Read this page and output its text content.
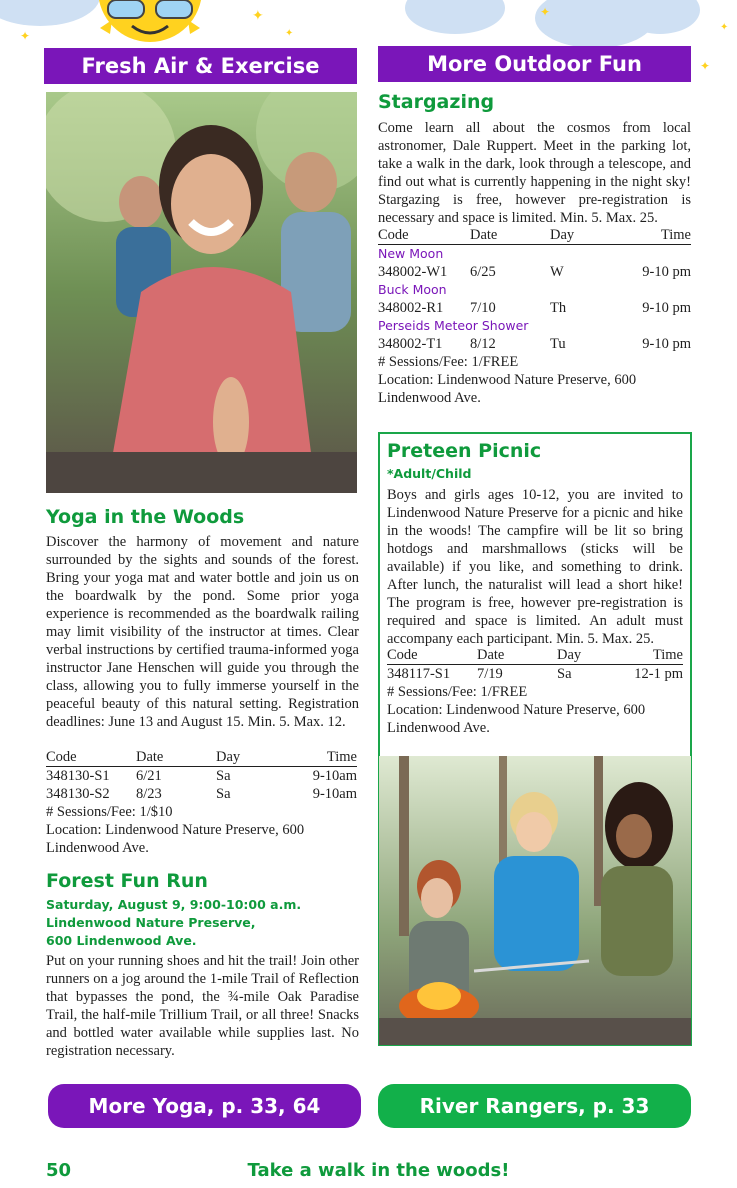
✦
✦	✦
✦
✦
✦
Fresh Air & Exercise
Yoga in the Woods

Discover the harmony of movement and nature surrounded by the sights and sounds of the forest. Bring your yoga mat and water bottle and join us on the boardwalk by the pond. Some prior yoga experience is recommended as the boardwalk railing may limit visibility of the instructor at times. Clear verbal instructions by certified trauma-informed yoga instructor Jane Henschen will guide you through the class, allowing you to fully immerse yourself in the peaceful beauty of this natural setting. Registration deadlines: June 13 and August 15. Min. 5. Max. 12.

Code	Date	Day	Time
348130-S1	6/21	Sa	9-10am
348130-S2	8/23	Sa	9-10am
# Sessions/Fee: 1/$10
Location: Lindenwood Nature Preserve, 600 Lindenwood Ave.
Forest Fun Run
Saturday, August 9, 9:00-10:00 a.m.
Lindenwood Nature Preserve,
600 Lindenwood Ave.

Put on your running shoes and hit the trail! Join other runners on a jog around the 1-mile Trail of Reflection that bypasses the pond, the ¾-mile Oak Paradise Trail, the half-mile Trillium Trail, or all three! Snacks and bottled water available while supplies last. No registration necessary.

More Outdoor Fun
Stargazing

Come learn all about the cosmos from local astronomer, Dale Ruppert. Meet in the parking lot, take a walk in the dark, look through a telescope, and find out what is currently happening in the night sky! Stargazing is free, however pre-registration is necessary and space is limited. Min. 5. Max. 25.

Code	Date	Day	Time
New Moon
348002-W1	6/25	W	9-10 pm
Buck Moon
348002-R1	7/10	Th	9-10 pm
Perseids Meteor Shower
348002-T1	8/12	Tu	9-10 pm
# Sessions/Fee: 1/FREE
Location: Lindenwood Nature Preserve, 600 Lindenwood Ave.
Preteen Picnic
*Adult/Child

Boys and girls ages 10-12, you are invited to Lindenwood Nature Preserve for a picnic and hike in the woods! The campfire will be lit so bring hotdogs and marshmallows (sticks will be available) if you like, and something to drink. After lunch, the naturalist will lead a short hike! The program is free, however pre-registration is required and space is limited. An adult must accompany each participant. Min. 5. Max. 25.

Code	Date	Day	Time
348117-S1	7/19	Sa	12-1 pm
# Sessions/Fee: 1/FREE
Location: Lindenwood Nature Preserve, 600 Lindenwood Ave.
More Yoga, p. 33, 64	River Rangers, p. 33
50	Take a walk in the woods!
